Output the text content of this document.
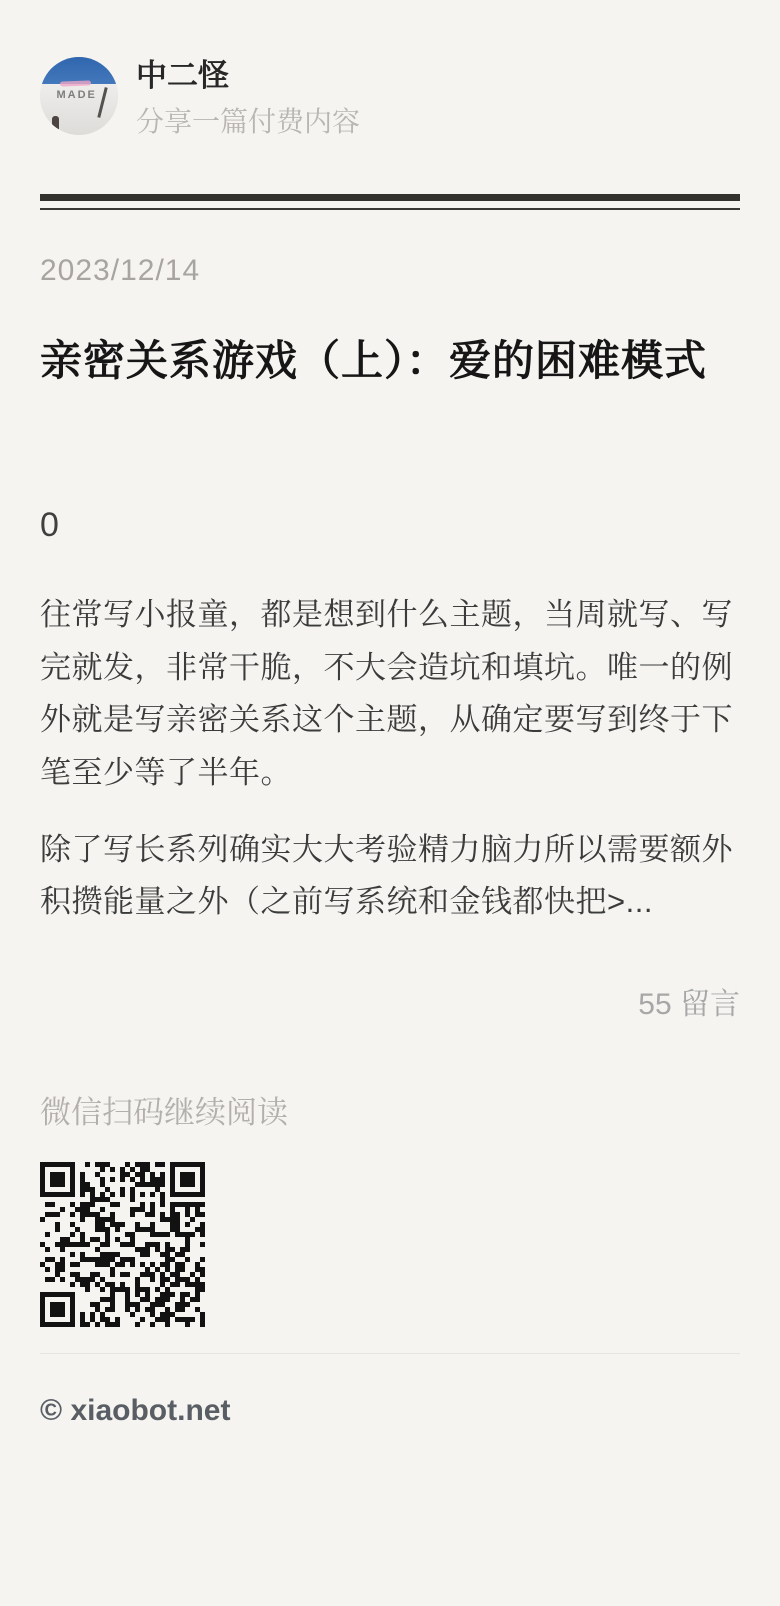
MADE
中二怪
分享一篇付费内容
2023/12/14
亲密关系游戏（上）：爱的困难模式
0

往常写小报童，都是想到什么主题，当周就写、写完就发，非常干脆，不大会造坑和填坑。唯一的例外就是写亲密关系这个主题，从确定要写到终于下笔至少等了半年。

除了写长系列确实大大考验精力脑力所以需要额外积攒能量之外（之前写系统和金钱都快把>...

55 留言
微信扫码继续阅读
© xiaobot.net
